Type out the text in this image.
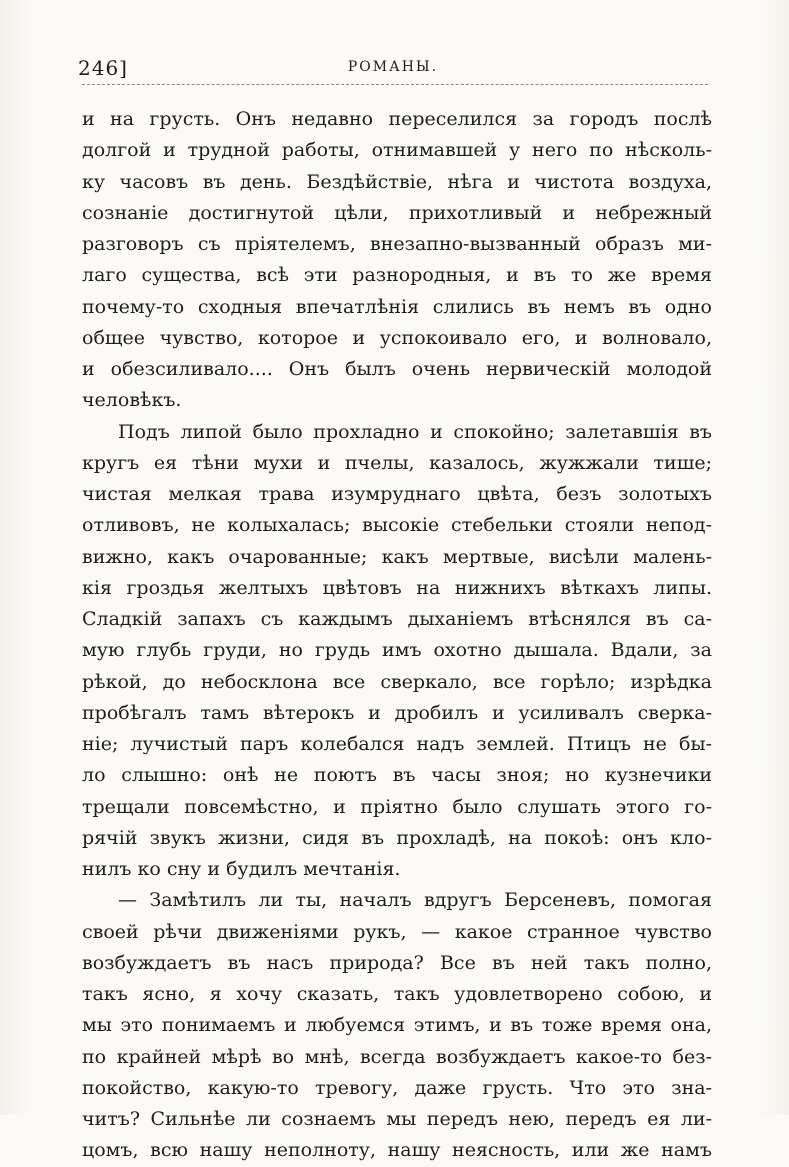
246]	РОМАНЫ.
и на грусть. Онъ недавно переселился за городъ послѣ
долгой и трудной работы, отнимавшей у него по нѣсколь-
ку часовъ въ день. Бездѣйствіе, нѣга и чистота воздуха,
сознаніе достигнутой цѣли, прихотливый и небрежный
разговоръ съ пріятелемъ, внезапно-вызванный образъ ми-
лаго существа, всѣ эти разнородныя, и въ то же время
почему-то сходныя впечатлѣнія слились въ немъ въ одно
общее чувство, которое и успокоивало его, и волновало,
и обезсиливало.... Онъ былъ очень нервическій молодой
человѣкъ.
Подъ липой было прохладно и спокойно; залетавшія въ
кругъ ея тѣни мухи и пчелы, казалось, жужжали тише;
чистая мелкая трава изумруднаго цвѣта, безъ золотыхъ
отливовъ, не колыхалась; высокіе стебельки стояли непод-
вижно, какъ очарованные; какъ мертвые, висѣли малень-
кія гроздья желтыхъ цвѣтовъ на нижнихъ вѣткахъ липы.
Сладкій запахъ съ каждымъ дыханіемъ втѣснялся въ са-
мую глубь груди, но грудь имъ охотно дышала. Вдали, за
рѣкой, до небосклона все сверкало, все горѣло; изрѣдка
пробѣгалъ тамъ вѣтерокъ и дробилъ и усиливалъ сверка-
ніе; лучистый паръ колебался надъ землей. Птицъ не бы-
ло слышно: онѣ не поютъ въ часы зноя; но кузнечики
трещали повсемѣстно, и пріятно было слушать этого го-
рячій звукъ жизни, сидя въ прохладѣ, на покоѣ: онъ кло-
нилъ ко сну и будилъ мечтанія.
— Замѣтилъ ли ты, началъ вдругъ Берсеневъ, помогая
своей рѣчи движеніями рукъ, — какое странное чувство
возбуждаетъ въ насъ природа? Все въ ней такъ полно,
такъ ясно, я хочу сказать, такъ удовлетворено собою, и
мы это понимаемъ и любуемся этимъ, и въ тоже время она,
по крайней мѣрѣ во мнѣ, всегда возбуждаетъ какое-то без-
покойство, какую-то тревогу, даже грусть. Что это зна-
читъ? Сильнѣе ли сознаемъ мы передъ нею, передъ ея ли-
цомъ, всю нашу неполноту, нашу неясность, или же намъ
